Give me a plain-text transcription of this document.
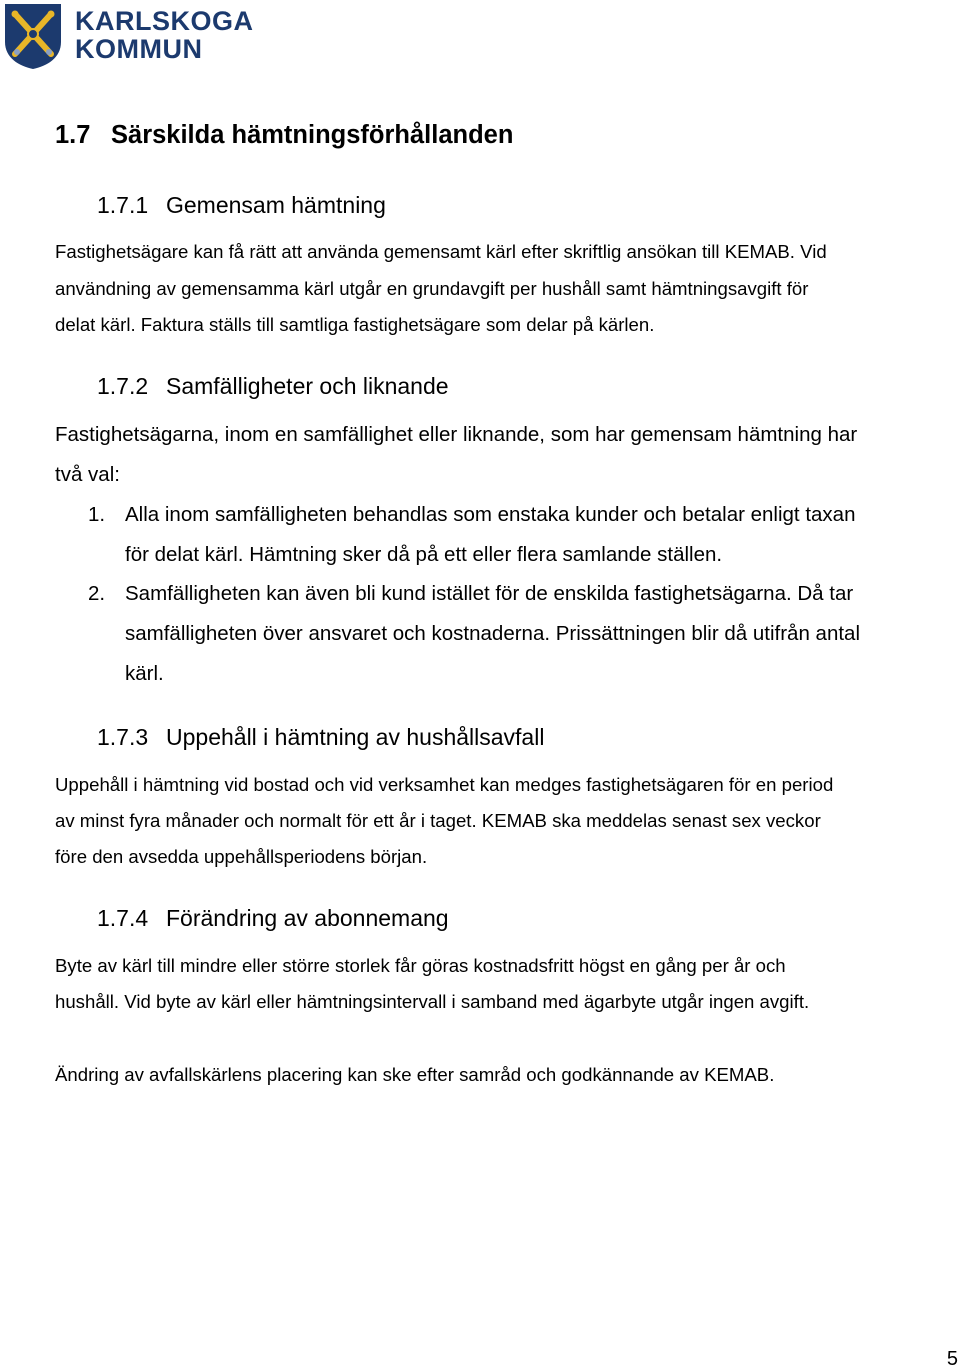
KARLSKOGA
KOMMUN
1.7 Särskilda hämtningsförhållanden
1.7.1 Gemensam hämtning
Fastighetsägare kan få rätt att använda gemensamt kärl efter skriftlig ansökan till KEMAB. Vid
användning av gemensamma kärl utgår en grundavgift per hushåll samt hämtningsavgift för
delat kärl. Faktura ställs till samtliga fastighetsägare som delar på kärlen.
1.7.2 Samfälligheter och liknande
Fastighetsägarna, inom en samfällighet eller liknande, som har gemensam hämtning har
två val:
1. Alla inom samfälligheten behandlas som enstaka kunder och betalar enligt taxan
för delat kärl. Hämtning sker då på ett eller flera samlande ställen.
2. Samfälligheten kan även bli kund istället för de enskilda fastighetsägarna. Då tar
samfälligheten över ansvaret och kostnaderna. Prissättningen blir då utifrån antal
kärl.
1.7.3 Uppehåll i hämtning av hushållsavfall
Uppehåll i hämtning vid bostad och vid verksamhet kan medges fastighetsägaren för en period
av minst fyra månader och normalt för ett år i taget. KEMAB ska meddelas senast sex veckor
före den avsedda uppehållsperiodens början.
1.7.4 Förändring av abonnemang
Byte av kärl till mindre eller större storlek får göras kostnadsfritt högst en gång per år och
hushåll. Vid byte av kärl eller hämtningsintervall i samband med ägarbyte utgår ingen avgift.
Ändring av avfallskärlens placering kan ske efter samråd och godkännande av KEMAB.
5
